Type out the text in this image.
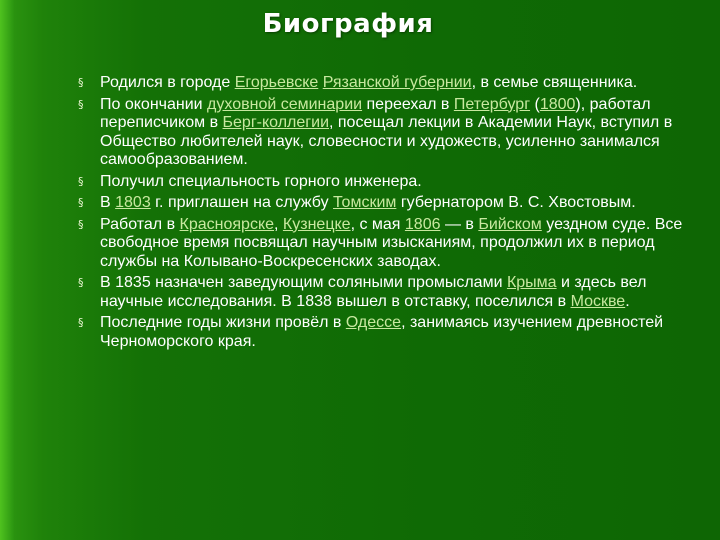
Биография
§ Родился в городе Егорьевске Рязанской губернии, в семье священника.
§ По окончании духовной семинарии переехал в Петербург (1800), работал переписчиком в Берг-коллегии, посещал лекции в Академии Наук, вступил в Общество любителей наук, словесности и художеств, усиленно занимался самообразованием.
§ Получил специальность горного инженера.
§ В 1803 г. приглашен на службу Томским губернатором В. С. Хвостовым.
§ Работал в Красноярске, Кузнецке, с мая 1806 — в Бийском уездном суде. Все свободное время посвящал научным изысканиям, продолжил их в период службы на Колывано-Воскресенских заводах.
§ В 1835 назначен заведующим соляными промыслами Крыма и здесь вел научные исследования. В 1838 вышел в отставку, поселился в Москве.
§ Последние годы жизни провёл в Одессе, занимаясь изучением древностей Черноморского края.
